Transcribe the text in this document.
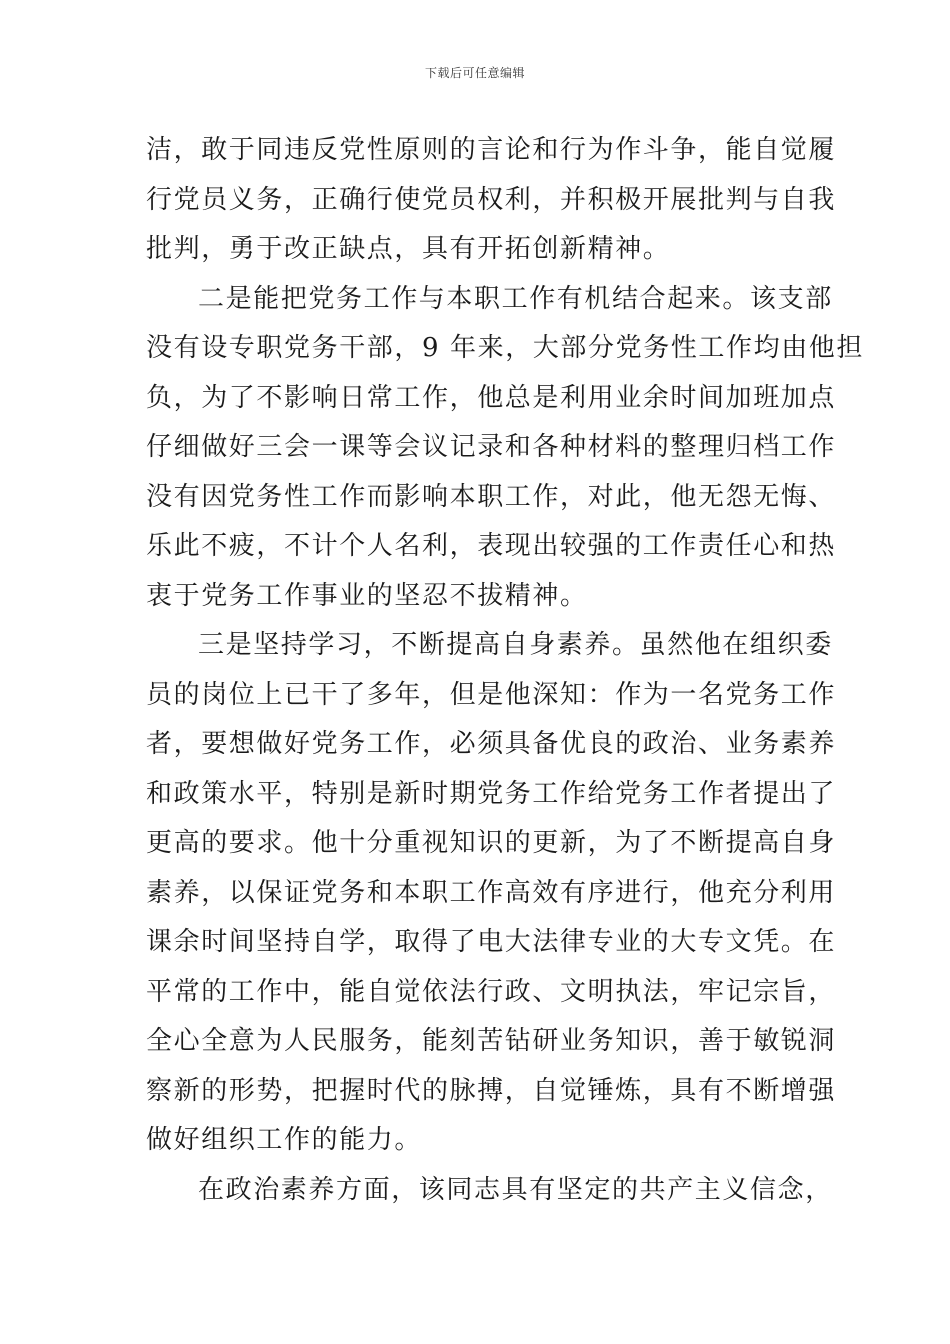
下载后可任意编辑
洁，敢于同违反党性原则的言论和行为作斗争，能自觉履
行党员义务，正确行使党员权利，并积极开展批判与自我
批判，勇于改正缺点，具有开拓创新精神。
二是能把党务工作与本职工作有机结合起来。该支部
没有设专职党务干部，9 年来，大部分党务性工作均由他担
负，为了不影响日常工作，他总是利用业余时间加班加点
仔细做好三会一课等会议记录和各种材料的整理归档工作
没有因党务性工作而影响本职工作，对此，他无怨无悔、
乐此不疲，不计个人名利，表现出较强的工作责任心和热
衷于党务工作事业的坚忍不拔精神。
三是坚持学习，不断提高自身素养。虽然他在组织委
员的岗位上已干了多年，但是他深知：作为一名党务工作
者，要想做好党务工作，必须具备优良的政治、业务素养
和政策水平，特别是新时期党务工作给党务工作者提出了
更高的要求。他十分重视知识的更新，为了不断提高自身
素养，以保证党务和本职工作高效有序进行，他充分利用
课余时间坚持自学，取得了电大法律专业的大专文凭。在
平常的工作中，能自觉依法行政、文明执法，牢记宗旨，
全心全意为人民服务，能刻苦钻研业务知识，善于敏锐洞
察新的形势，把握时代的脉搏，自觉锤炼，具有不断增强
做好组织工作的能力。
在政治素养方面，该同志具有坚定的共产主义信念，
